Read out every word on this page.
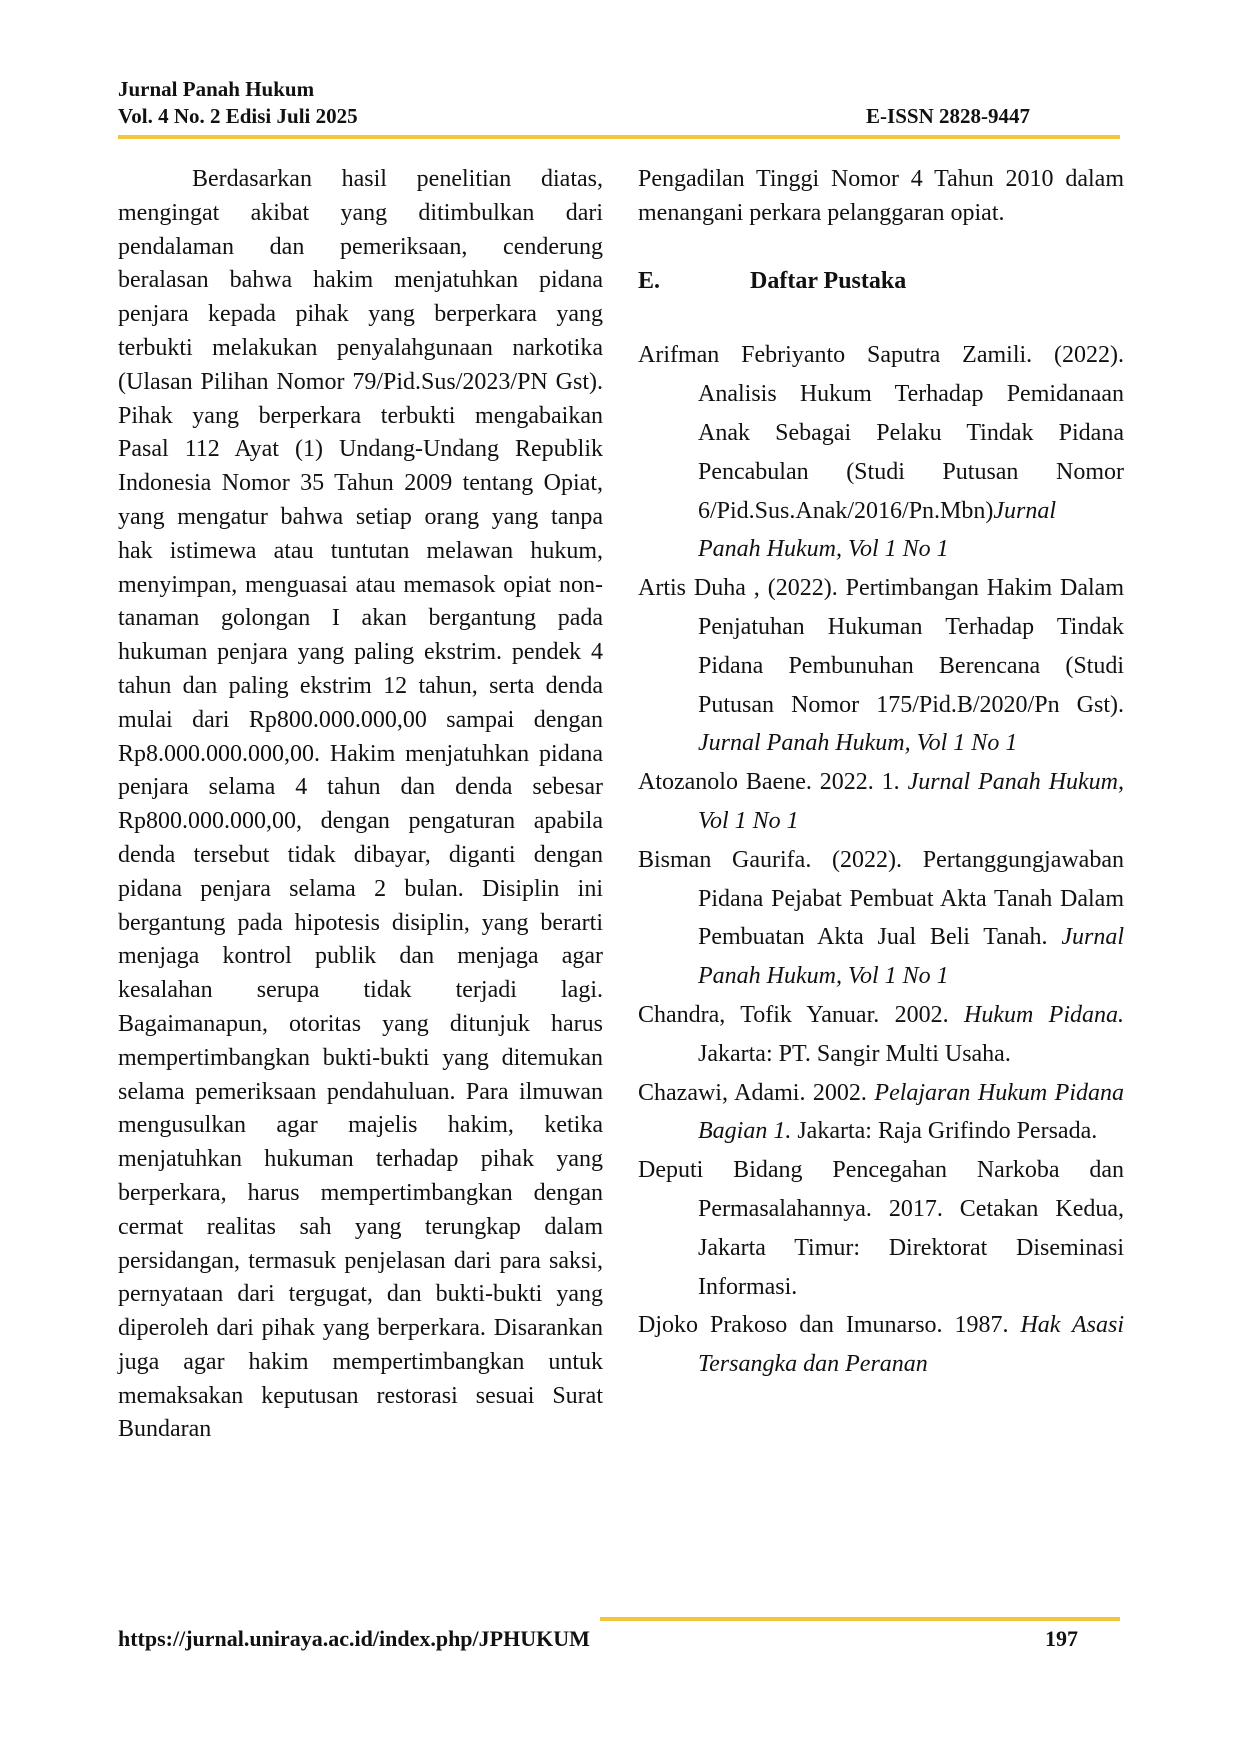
Jurnal Panah Hukum
Vol. 4 No. 2 Edisi Juli 2025	E-ISSN 2828-9447

Berdasarkan hasil penelitian diatas, mengingat akibat yang ditimbulkan dari pendalaman dan pemeriksaan, cenderung beralasan bahwa hakim menjatuhkan pidana penjara kepada pihak yang berperkara yang terbukti melakukan penyalahgunaan narkotika (Ulasan Pilihan Nomor 79/Pid.Sus/2023/PN Gst). Pihak yang berperkara terbukti mengabaikan Pasal 112 Ayat (1) Undang-Undang Republik Indonesia Nomor 35 Tahun 2009 tentang Opiat, yang mengatur bahwa setiap orang yang tanpa hak istimewa atau tuntutan melawan hukum, menyimpan, menguasai atau memasok opiat non-tanaman golongan I akan bergantung pada hukuman penjara yang paling ekstrim. pendek 4 tahun dan paling ekstrim 12 tahun, serta denda mulai dari Rp800.000.000,00 sampai dengan Rp8.000.000.000,00. Hakim menjatuhkan pidana penjara selama 4 tahun dan denda sebesar Rp800.000.000,00, dengan pengaturan apabila denda tersebut tidak dibayar, diganti dengan pidana penjara selama 2 bulan. Disiplin ini bergantung pada hipotesis disiplin, yang berarti menjaga kontrol publik dan menjaga agar kesalahan serupa tidak terjadi lagi. Bagaimanapun, otoritas yang ditunjuk harus mempertimbangkan bukti-bukti yang ditemukan selama pemeriksaan pendahuluan. Para ilmuwan mengusulkan agar majelis hakim, ketika menjatuhkan hukuman terhadap pihak yang berperkara, harus mempertimbangkan dengan cermat realitas sah yang terungkap dalam persidangan, termasuk penjelasan dari para saksi, pernyataan dari tergugat, dan bukti-bukti yang diperoleh dari pihak yang berperkara. Disarankan juga agar hakim mempertimbangkan untuk memaksakan keputusan restorasi sesuai Surat Bundaran

Pengadilan Tinggi Nomor 4 Tahun 2010 dalam menangani perkara pelanggaran opiat.

E.	Daftar Pustaka

Arifman Febriyanto Saputra Zamili. (2022). Analisis Hukum Terhadap Pemidanaan Anak Sebagai Pelaku Tindak Pidana Pencabulan (Studi Putusan Nomor 6/Pid.Sus.Anak/2016/Pn.Mbn)Jurnal Panah Hukum, Vol 1 No 1

Artis Duha , (2022). Pertimbangan Hakim Dalam Penjatuhan Hukuman Terhadap Tindak Pidana Pembunuhan Berencana (Studi Putusan Nomor 175/Pid.B/2020/Pn Gst). Jurnal Panah Hukum, Vol 1 No 1

Atozanolo Baene. 2022. 1. Jurnal Panah Hukum, Vol 1 No 1

Bisman Gaurifa. (2022). Pertanggungjawaban Pidana Pejabat Pembuat Akta Tanah Dalam Pembuatan Akta Jual Beli Tanah. Jurnal Panah Hukum, Vol 1 No 1

Chandra, Tofik Yanuar. 2002. Hukum Pidana. Jakarta: PT. Sangir Multi Usaha.

Chazawi, Adami. 2002. Pelajaran Hukum Pidana Bagian 1. Jakarta: Raja Grifindo Persada.

Deputi Bidang Pencegahan Narkoba dan Permasalahannya. 2017. Cetakan Kedua, Jakarta Timur: Direktorat Diseminasi Informasi.

Djoko Prakoso dan Imunarso. 1987. Hak Asasi Tersangka dan Peranan

https://jurnal.uniraya.ac.id/index.php/JPHUKUM	197
